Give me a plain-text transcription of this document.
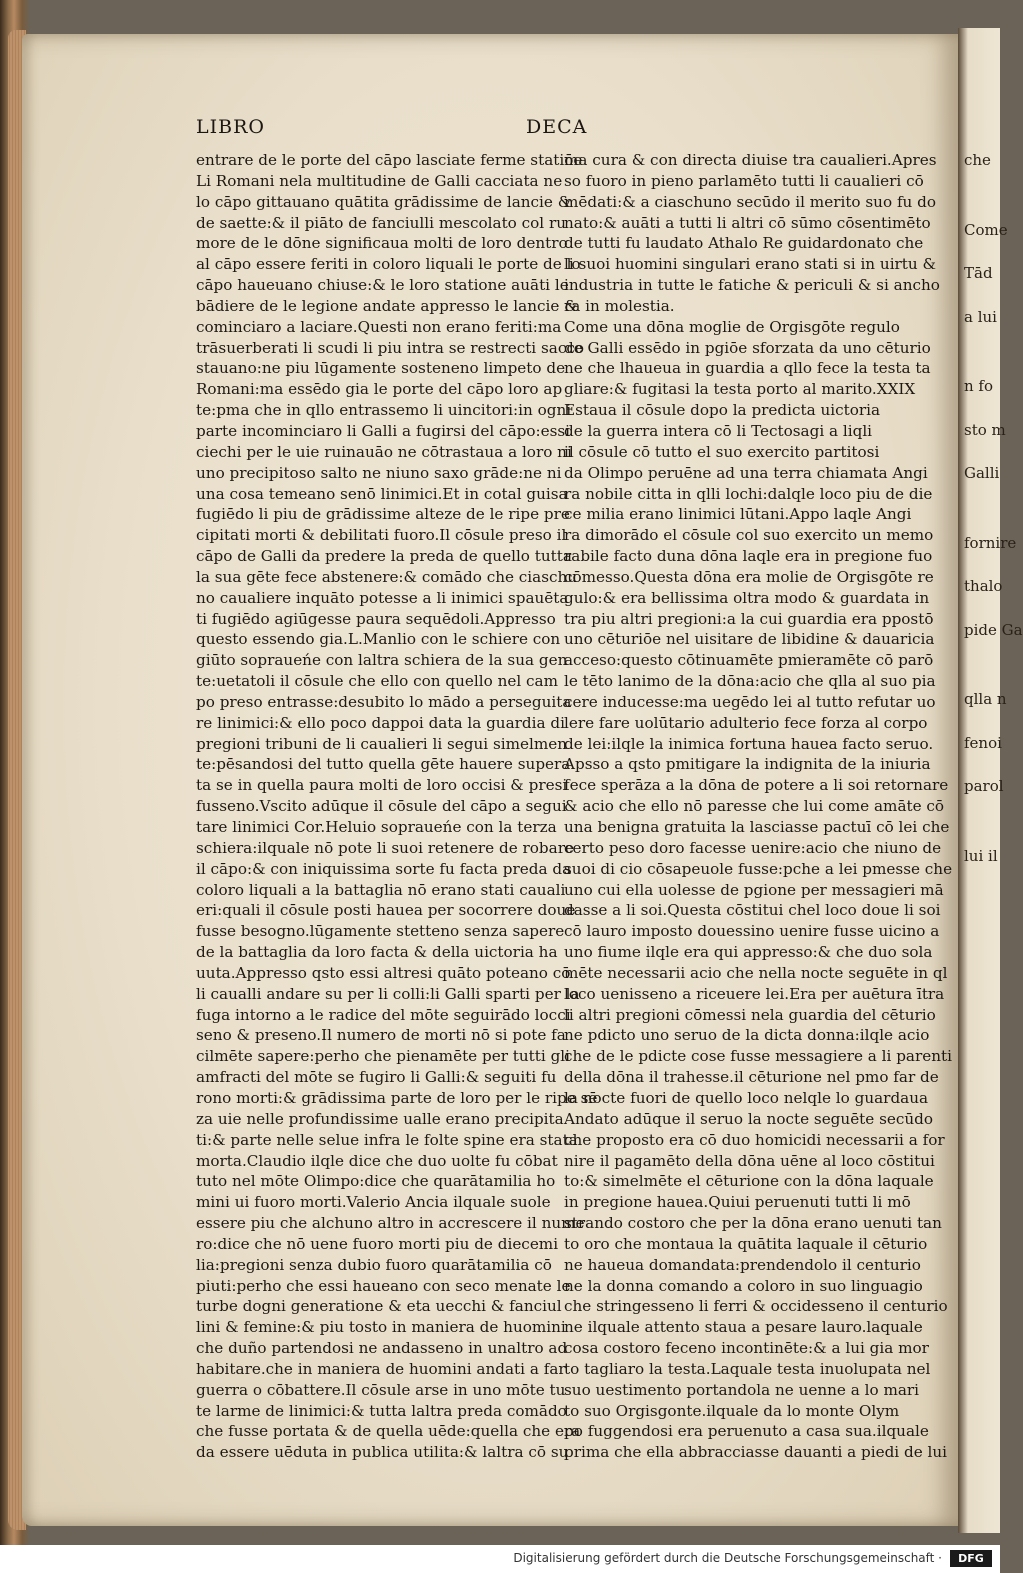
che
Come
Tād
a lui
n fo
sto m
Galli
fornire
thalo
pide Ga
qlla n
fenoi
parol
lui il
LIBRO	DECA
entrare de le porte del cāpo lasciate ferme statiōe
Li Romani nela multitudine de Galli cacciata ne
lo cāpo gittauano quātita grādissime de lancie &
de saette:& il piāto de fanciulli mescolato col ru
more de le dōne significaua molti de loro dentro
al cāpo essere feriti in coloro liquali le porte de lo
cāpo haueuano chiuse:& le loro statione auāti le
bādiere de le legione andate appresso le lancie &
cominciaro a laciare.Questi non erano feriti:ma
trāsuerberati li scudi li piu intra se restrecti sacco
stauano:ne piu lūgamente sosteneno limpeto de
Romani:ma essēdo gia le porte del cāpo loro ap
te:pma che in qllo entrassemo li uincitori:in ogni
parte incominciaro li Galli a fugirsi del cāpo:essi
ciechi per le uie ruinauāo ne cōtrastaua a loro ni
uno precipitoso salto ne niuno saxo grāde:ne ni
una cosa temeano senō linimici.Et in cotal guisa
fugiēdo li piu de grādissime alteze de le ripe pre
cipitati morti & debilitati fuoro.Il cōsule preso il
cāpo de Galli da predere la preda de quello tutta
la sua gēte fece abstenere:& comādo che ciaschu
no caualiere inquāto potesse a li inimici spauēta
ti fugiēdo agiūgesse paura sequēdoli.Appresso
questo essendo gia.L.Manlio con le schiere con
giūto sopraueńe con laltra schiera de la sua gen
te:uetatoli il cōsule che ello con quello nel cam
po preso entrasse:desubito lo mādo a perseguita
re linimici:& ello poco dappoi data la guardia di
pregioni tribuni de li caualieri li segui simelmen
te:pēsandosi del tutto quella gēte hauere supera
ta se in quella paura molti de loro occisi & presi
fusseno.Vscito adūque il cōsule del cāpo a segui
tare linimici Cor.Heluio sopraueńe con la terza
schiera:ilquale nō pote li suoi retenere de robare
il cāpo:& con iniquissima sorte fu facta preda da
coloro liquali a la battaglia nō erano stati cauali
eri:quali il cōsule posti hauea per socorrere doue
fusse besogno.lūgamente stetteno senza sapere
de la battaglia da loro facta & della uictoria ha
uuta.Appresso qsto essi altresi quāto poteano cō
li caualli andare su per li colli:li Galli sparti per la
fuga intorno a le radice del mōte seguirādo locci
seno & preseno.Il numero de morti nō si pote fa
cilmēte sapere:perho che pienamēte per tutti gli
amfracti del mōte se fugiro li Galli:& seguiti fu
rono morti:& grādissima parte de loro per le ripe sē
za uie nelle profundissime ualle erano precipita
ti:& parte nelle selue infra le folte spine era stata
morta.Claudio ilqle dice che duo uolte fu cōbat
tuto nel mōte Olimpo:dice che quarātamilia ho
mini ui fuoro morti.Valerio Ancia ilquale suole
essere piu che alchuno altro in accrescere il nume
ro:dice che nō uene fuoro morti piu de diecemi
lia:pregioni senza dubio fuoro quarātamilia cō
piuti:perho che essi haueano con seco menate le
turbe dogni generatione & eta uecchi & fanciul
lini & femine:& piu tosto in maniera de huomini
che duño partendosi ne andasseno in unaltro ad
habitare.che in maniera de huomini andati a far
guerra o cōbattere.Il cōsule arse in uno mōte tu
te larme de linimici:& tutta laltra preda comādo
che fusse portata & de quella uēde:quella che era
da essere uēduta in publica utilita:& laltra cō su
ma cura & con directa diuise tra caualieri.Apres
so fuoro in pieno parlamēto tutti li caualieri cō
mēdati:& a ciaschuno secūdo il merito suo fu do
nato:& auāti a tutti li altri cō sūmo cōsentimēto
de tutti fu laudato Athalo Re guidardonato che
li suoi huomini singulari erano stati si in uirtu &
industria in tutte le fatiche & periculi & si ancho
ra in molestia.
Come una dōna moglie de Orgisgōte regulo
de Galli essēdo in pgiōe sforzata da uno cēturio
ne che lhaueua in guardia a qllo fece la testa ta
gliare:& fugitasi la testa porto al marito.XXIX
Estaua il cōsule dopo la predicta uictoria
de la guerra intera cō li Tectosagi a liqli
il cōsule cō tutto el suo exercito partitosi
da Olimpo peruēne ad una terra chiamata Angi
ra nobile citta in qlli lochi:dalqle loco piu de die
ce milia erano linimici lūtani.Appo laqle Angi
ra dimorādo el cōsule col suo exercito un memo
rabile facto duna dōna laqle era in pregione fuo
cōmesso.Questa dōna era molie de Orgisgōte re
gulo:& era bellissima oltra modo & guardata in
tra piu altri pregioni:a la cui guardia era ppostō
uno cēturiōe nel uisitare de libidine & dauaricia
acceso:questo cōtinuamēte pmieramēte cō parō
le tēto lanimo de la dōna:acio che qlla al suo pia
cere inducesse:ma uegēdo lei al tutto refutar uo
lere fare uolūtario adulterio fece forza al corpo
de lei:ilqle la inimica fortuna hauea facto seruo.
Apsso a qsto pmitigare la indignita de la iniuria
fece sperāza a la dōna de potere a li soi retornare
& acio che ello nō paresse che lui come amāte cō
una benigna gratuita la lasciasse pactuī cō lei che
certo peso doro facesse uenire:acio che niuno de
suoi di cio cōsapeuole fusse:pche a lei pmesse che
uno cui ella uolesse de pgione per messagieri mā
dasse a li soi.Questa cōstitui chel loco doue li soi
cō lauro imposto douessino uenire fusse uicino a
uno fiume ilqle era qui appresso:& che duo sola
mēte necessarii acio che nella nocte seguēte in ql
loco uenisseno a riceuere lei.Era per auētura ītra
li altri pregioni cōmessi nela guardia del cēturio
ne pdicto uno seruo de la dicta donna:ilqle acio
che de le pdicte cose fusse messagiere a li parenti
della dōna il trahesse.il cēturione nel pmo far de
la nocte fuori de quello loco nelqle lo guardaua
Andato adūque il seruo la nocte seguēte secūdo
che proposto era cō duo homicidi necessarii a for
nire il pagamēto della dōna uēne al loco cōstitui
to:& simelmēte el cēturione con la dōna laquale
in pregione hauea.Quiui peruenuti tutti li mō
strando costoro che per la dōna erano uenuti tan
to oro che montaua la quātita laquale il cēturio
ne haueua domandata:prendendolo il centurio
ne la donna comando a coloro in suo linguagio
che stringesseno li ferri & occidesseno il centurio
ne ilquale attento staua a pesare lauro.laquale
cosa costoro feceno incontinēte:& a lui gia mor
to tagliaro la testa.Laquale testa inuolupata nel
suo uestimento portandola ne uenne a lo mari
to suo Orgisgonte.ilquale da lo monte Olym
po fuggendosi era peruenuto a casa sua.ilquale
prima che ella abbracciasse dauanti a piedi de lui
Digitalisierung gefördert durch die Deutsche Forschungsgemeinschaft ·	DFG
